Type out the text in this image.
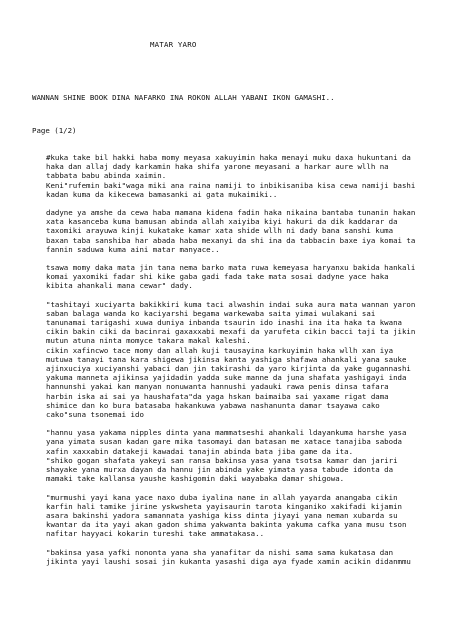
MATAR YARO
WANNAN SHINE BOOK DINA NAFARKO INA ROKON ALLAH YABANI IKON GAMASHI..
Page (1/2)

#kuka take bil hakki haba momy meyasa xakuyimin haka menayi muku daxa hukuntani da
haka dan allaj dady karkamin haka shifa yarone meyasani a harkar aure wllh na
tabbata babu abinda xaimin.
Keni"rufemin baki"waga miki ana raina namiji to inbikisaniba kisa cewa namiji bashi
kadan kuma da kikecewa bamasanki ai gata mukaimiki..

dadyne ya amshe da cewa haba mamana kidena fadin haka nikaina bantaba tunanin hakan
xata kasanceba kuma bamusan abinda allah xaiyiba kiyi hakuri da dik kaddarar da
taxomiki arayuwa kinji kukatake kamar xata shide wllh ni dady bana sanshi kuma
baxan taba sanshiba har abada haba mexanyi da shi ina da tabbacin baxe iya komai ta
fannin saduwa kuma aini matar manyace..

tsawa momy daka mata jin tana nema barko mata ruwa kemeyasa haryanxu bakida hankali
komai yaxomiki fadar shi kike gaba gadi fada take mata sosai dadyne yace haka
kibita ahankali mana cewar" dady.

"tashitayi xuciyarta bakikkiri kuma taci alwashin indai suka aura mata wannan yaron
saban balaga wanda ko kaciyarshi begama warkewaba saita yimai wulakani sai
tanunamai tarigashi xuwa duniya inbanda tsaurin ido inashi ina ita haka ta kwana
cikin bakin ciki da bacinrai gaxaxxabi mexafi da yarufeta cikin bacci taji ta jikin
mutun atuna ninta momyce takara makal kaleshi.
cikin xafincwo tace momy dan allah kuji tausayina karkuyimin haka wllh xan iya
mutuwa tanayi tana kara shigewa jikinsa kanta yashiga shafawa ahankali yana sauke
ajinxuciya xuciyanshi yabaci dan jin takirashi da yaro kirjinta da yake gugannashi
yakuma manneta ajikinsa yajidadin yadda suke manne da juna shafata yashigayi inda
hannunshi yakai kan manyan nonuwanta hannushi yadauki rawa penis dinsa tafara
harbin iska ai sai ya haushafata"da yaga hskan baimaiba sai yaxame rigat dama
shimice dan ko bura batasaba hakankuwa yabawa nashanunta damar tsayawa cako
cako"suna tsonemai ido

"hannu yasa yakama nipples dinta yana mammatseshi ahankali ldayankuma harshe yasa
yana yimata susan kadan gare mika tasomayi dan batasan me xatace tanajiba saboda
xafin xaxxabin datakeji kawadai tanajin abinda bata jiba game da ita.
"shiko gogan shafata yakeyi san ransa bakinsa yasa yana tsotsa kamar dan jariri
shayake yana murxa dayan da hannu jin abinda yake yimata yasa tabude idonta da
mamaki take kallansa yaushe kashigomin daki wayabaka damar shigowa.

"murmushi yayi kana yace naxo duba iyalina nane in allah yayarda anangaba cikin
karfin hali tamike jirine yskwsheta yayisaurin tarota kinganiko xakifadi kijamin
asara bakinshi yadora samannata yashiga kiss dinta jiyayi yana neman xubarda su
kwantar da ita yayi akan gadon shima yakwanta bakinta yakuma cafka yana musu tson
nafitar hayyaci kokarin tureshi take ammatakasa..

"bakinsa yasa yafki nononta yana sha yanafitar da nishi sama sama kukatasa dan
jikinta yayi laushi sosai jin kukanta yasashi diga aya fyade xamin acikin didanmmu
